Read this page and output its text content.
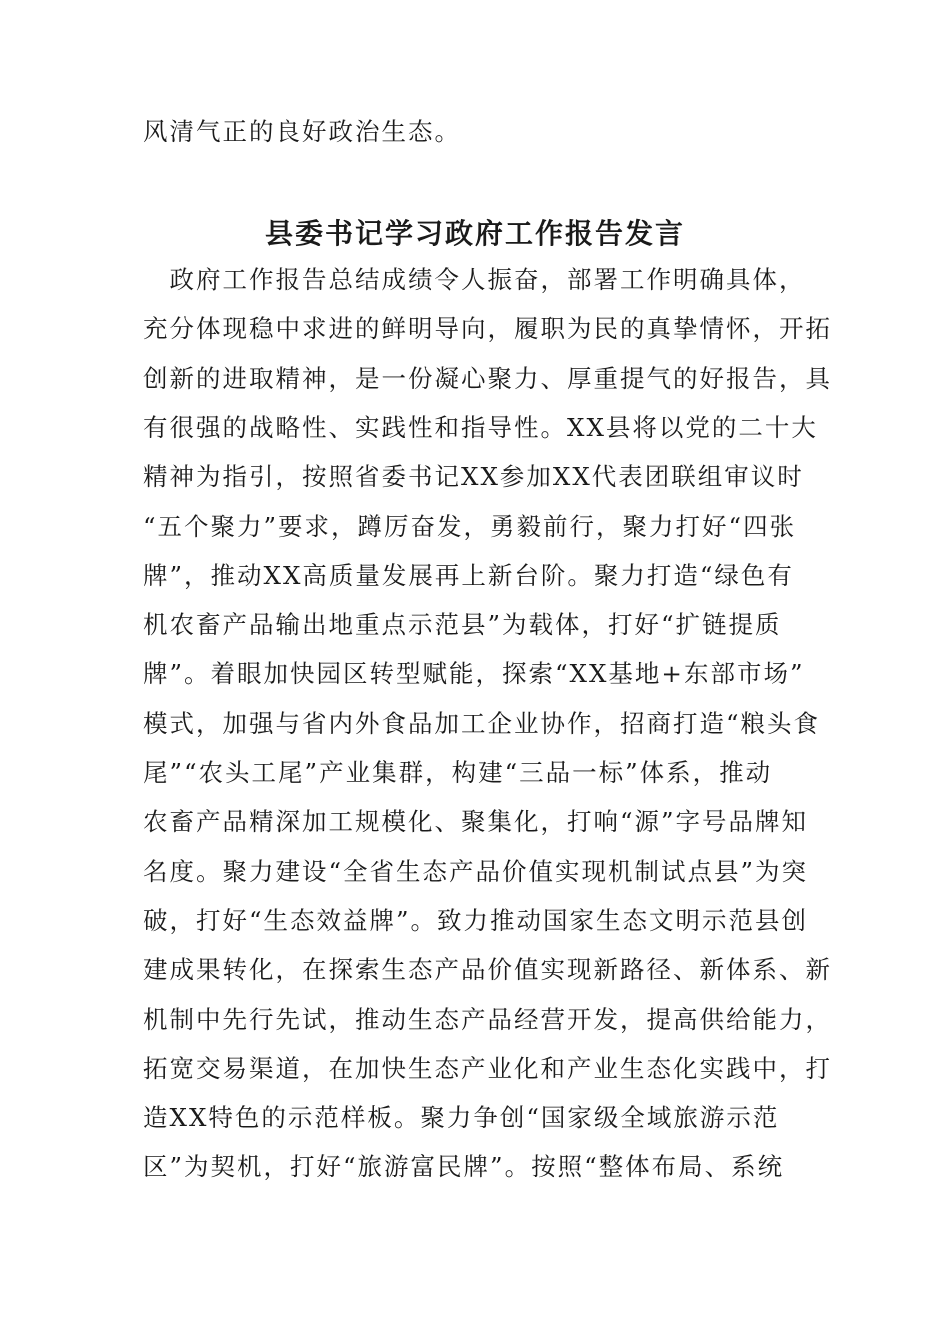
风清气正的良好政治生态。
县委书记学习政府工作报告发言
　政府工作报告总结成绩令人振奋，部署工作明确具体，
充分体现稳中求进的鲜明导向，履职为民的真挚情怀，开拓
创新的进取精神，是一份凝心聚力、厚重提气的好报告，具
有很强的战略性、实践性和指导性。XX县将以党的二十大
精神为指引，按照省委书记XX参加XX代表团联组审议时
“五个聚力”要求，蹲厉奋发，勇毅前行，聚力打好“四张
牌”，推动XX高质量发展再上新台阶。聚力打造“绿色有
机农畜产品输出地重点示范县”为载体，打好“扩链提质
牌”。着眼加快园区转型赋能，探索“XX基地+东部市场”
模式，加强与省内外食品加工企业协作，招商打造“粮头食
尾”“农头工尾”产业集群，构建“三品一标”体系，推动
农畜产品精深加工规模化、聚集化，打响“源”字号品牌知
名度。聚力建设“全省生态产品价值实现机制试点县”为突
破，打好“生态效益牌”。致力推动国家生态文明示范县创
建成果转化，在探索生态产品价值实现新路径、新体系、新
机制中先行先试，推动生态产品经营开发，提高供给能力，
拓宽交易渠道，在加快生态产业化和产业生态化实践中，打
造XX特色的示范样板。聚力争创“国家级全域旅游示范
区”为契机，打好“旅游富民牌”。按照“整体布局、系统
